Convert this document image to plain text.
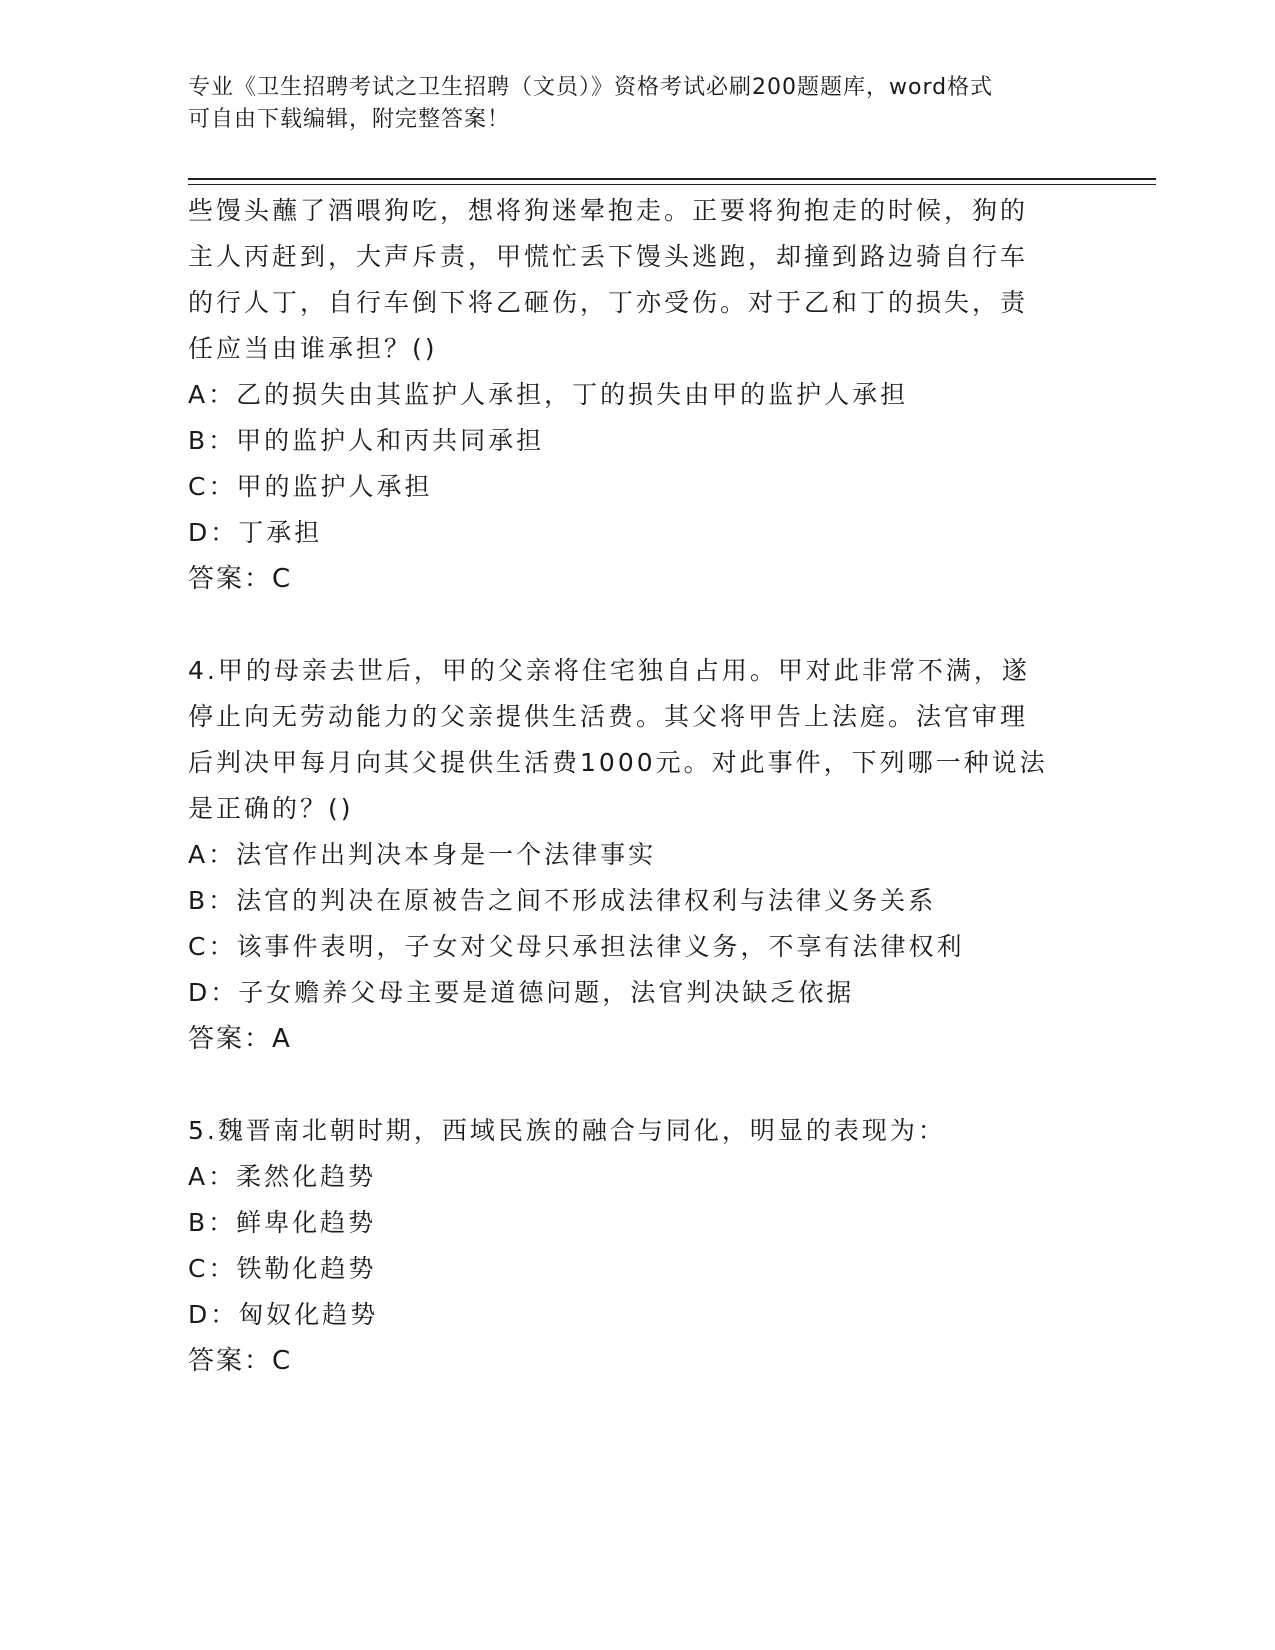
专业《卫生招聘考试之卫生招聘（文员）》资格考试必刷200题题库，word格式
可自由下载编辑，附完整答案！
些馒头蘸了酒喂狗吃，想将狗迷晕抱走。正要将狗抱走的时候，狗的
主人丙赶到，大声斥责，甲慌忙丢下馒头逃跑，却撞到路边骑自行车
的行人丁，自行车倒下将乙砸伤，丁亦受伤。对于乙和丁的损失，责
任应当由谁承担？()
A：乙的损失由其监护人承担，丁的损失由甲的监护人承担
B：甲的监护人和丙共同承担
C：甲的监护人承担
D：丁承担
答案：C
4.甲的母亲去世后，甲的父亲将住宅独自占用。甲对此非常不满，遂
停止向无劳动能力的父亲提供生活费。其父将甲告上法庭。法官审理
后判决甲每月向其父提供生活费1000元。对此事件，下列哪一种说法
是正确的？()
A：法官作出判决本身是一个法律事实
B：法官的判决在原被告之间不形成法律权利与法律义务关系
C：该事件表明，子女对父母只承担法律义务，不享有法律权利
D：子女赡养父母主要是道德问题，法官判决缺乏依据
答案：A
5.魏晋南北朝时期，西域民族的融合与同化，明显的表现为：
A：柔然化趋势
B：鲜卑化趋势
C：铁勒化趋势
D：匈奴化趋势
答案：C
